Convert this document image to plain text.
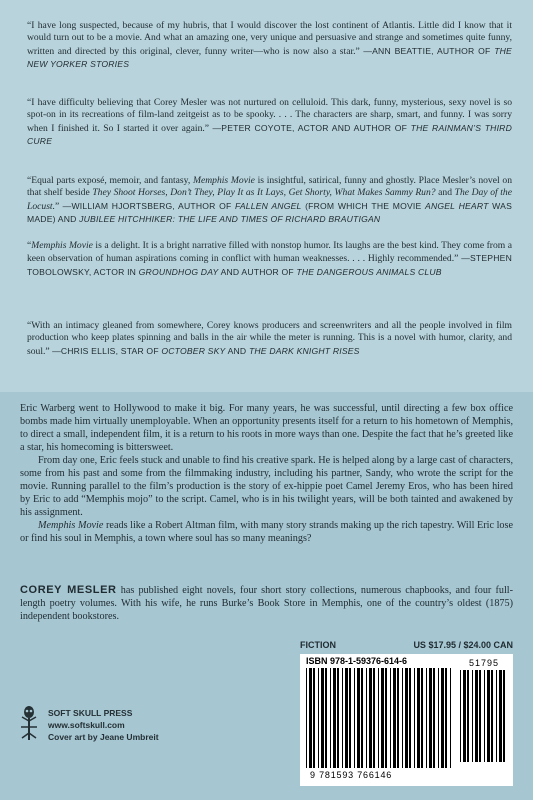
“I have long suspected, because of my hubris, that I would discover the lost continent of Atlantis. Little did I know that it would turn out to be a movie. And what an amazing one, very unique and persuasive and strange and sometimes quite funny, written and directed by this original, clever, funny writer—who is now also a star.” —ANN BEATTIE, AUTHOR OF THE NEW YORKER STORIES
“I have difficulty believing that Corey Mesler was not nurtured on celluloid. This dark, funny, mysterious, sexy novel is so spot-on in its recreations of film-land zeitgeist as to be spooky. . . . The characters are sharp, smart, and funny. I was sorry when I finished it. So I started it over again.” —PETER COYOTE, ACTOR AND AUTHOR OF THE RAINMAN’S THIRD CURE
“Equal parts exposé, memoir, and fantasy, Memphis Movie is insightful, satirical, funny and ghostly. Place Mesler’s novel on that shelf beside They Shoot Horses, Don’t They, Play It as It Lays, Get Shorty, What Makes Sammy Run? and The Day of the Locust.” —WILLIAM HJORTSBERG, AUTHOR OF FALLEN ANGEL (FROM WHICH THE MOVIE ANGEL HEART WAS MADE) AND JUBILEE HITCHHIKER: THE LIFE AND TIMES OF RICHARD BRAUTIGAN
“Memphis Movie is a delight. It is a bright narrative filled with nonstop humor. Its laughs are the best kind. They come from a keen observation of human aspirations coming in conflict with human weaknesses. . . . Highly recommended.” —STEPHEN TOBOLOWSKY, ACTOR IN GROUNDHOG DAY AND AUTHOR OF THE DANGEROUS ANIMALS CLUB
“With an intimacy gleaned from somewhere, Corey knows producers and screenwriters and all the people involved in film production who keep plates spinning and balls in the air while the meter is running. This is a novel with humor, clarity, and soul.” —CHRIS ELLIS, STAR OF OCTOBER SKY AND THE DARK KNIGHT RISES

Eric Warberg went to Hollywood to make it big. For many years, he was successful, until directing a few box office bombs made him virtually unemployable. When an opportunity presents itself for a return to his hometown of Memphis, to direct a small, independent film, it is a return to his roots in more ways than one. Despite the fact that he’s greeted like a star, his homecoming is bittersweet.

From day one, Eric feels stuck and unable to find his creative spark. He is helped along by a large cast of characters, some from his past and some from the filmmaking industry, including his partner, Sandy, who wrote the script for the movie. Running parallel to the film’s production is the story of ex-hippie poet Camel Jeremy Eros, who has been hired by Eric to add “Memphis mojo” to the script. Camel, who is in his twilight years, will be both tainted and awakened by his assignment.

Memphis Movie reads like a Robert Altman film, with many story strands making up the rich tapestry. Will Eric lose or find his soul in Memphis, a town where soul has so many meanings?

COREY MESLER has published eight novels, four short story collections, numerous chapbooks, and four full-length poetry volumes. With his wife, he runs Burke’s Book Store in Memphis, one of the country’s oldest (1875) independent bookstores.
SOFT SKULL PRESS
www.softskull.com
Cover art by Jeane Umbreit
FICTION	US $17.95 / $24.00 CAN
ISBN 978-1-59376-614-6
9 781593 766146
51795
